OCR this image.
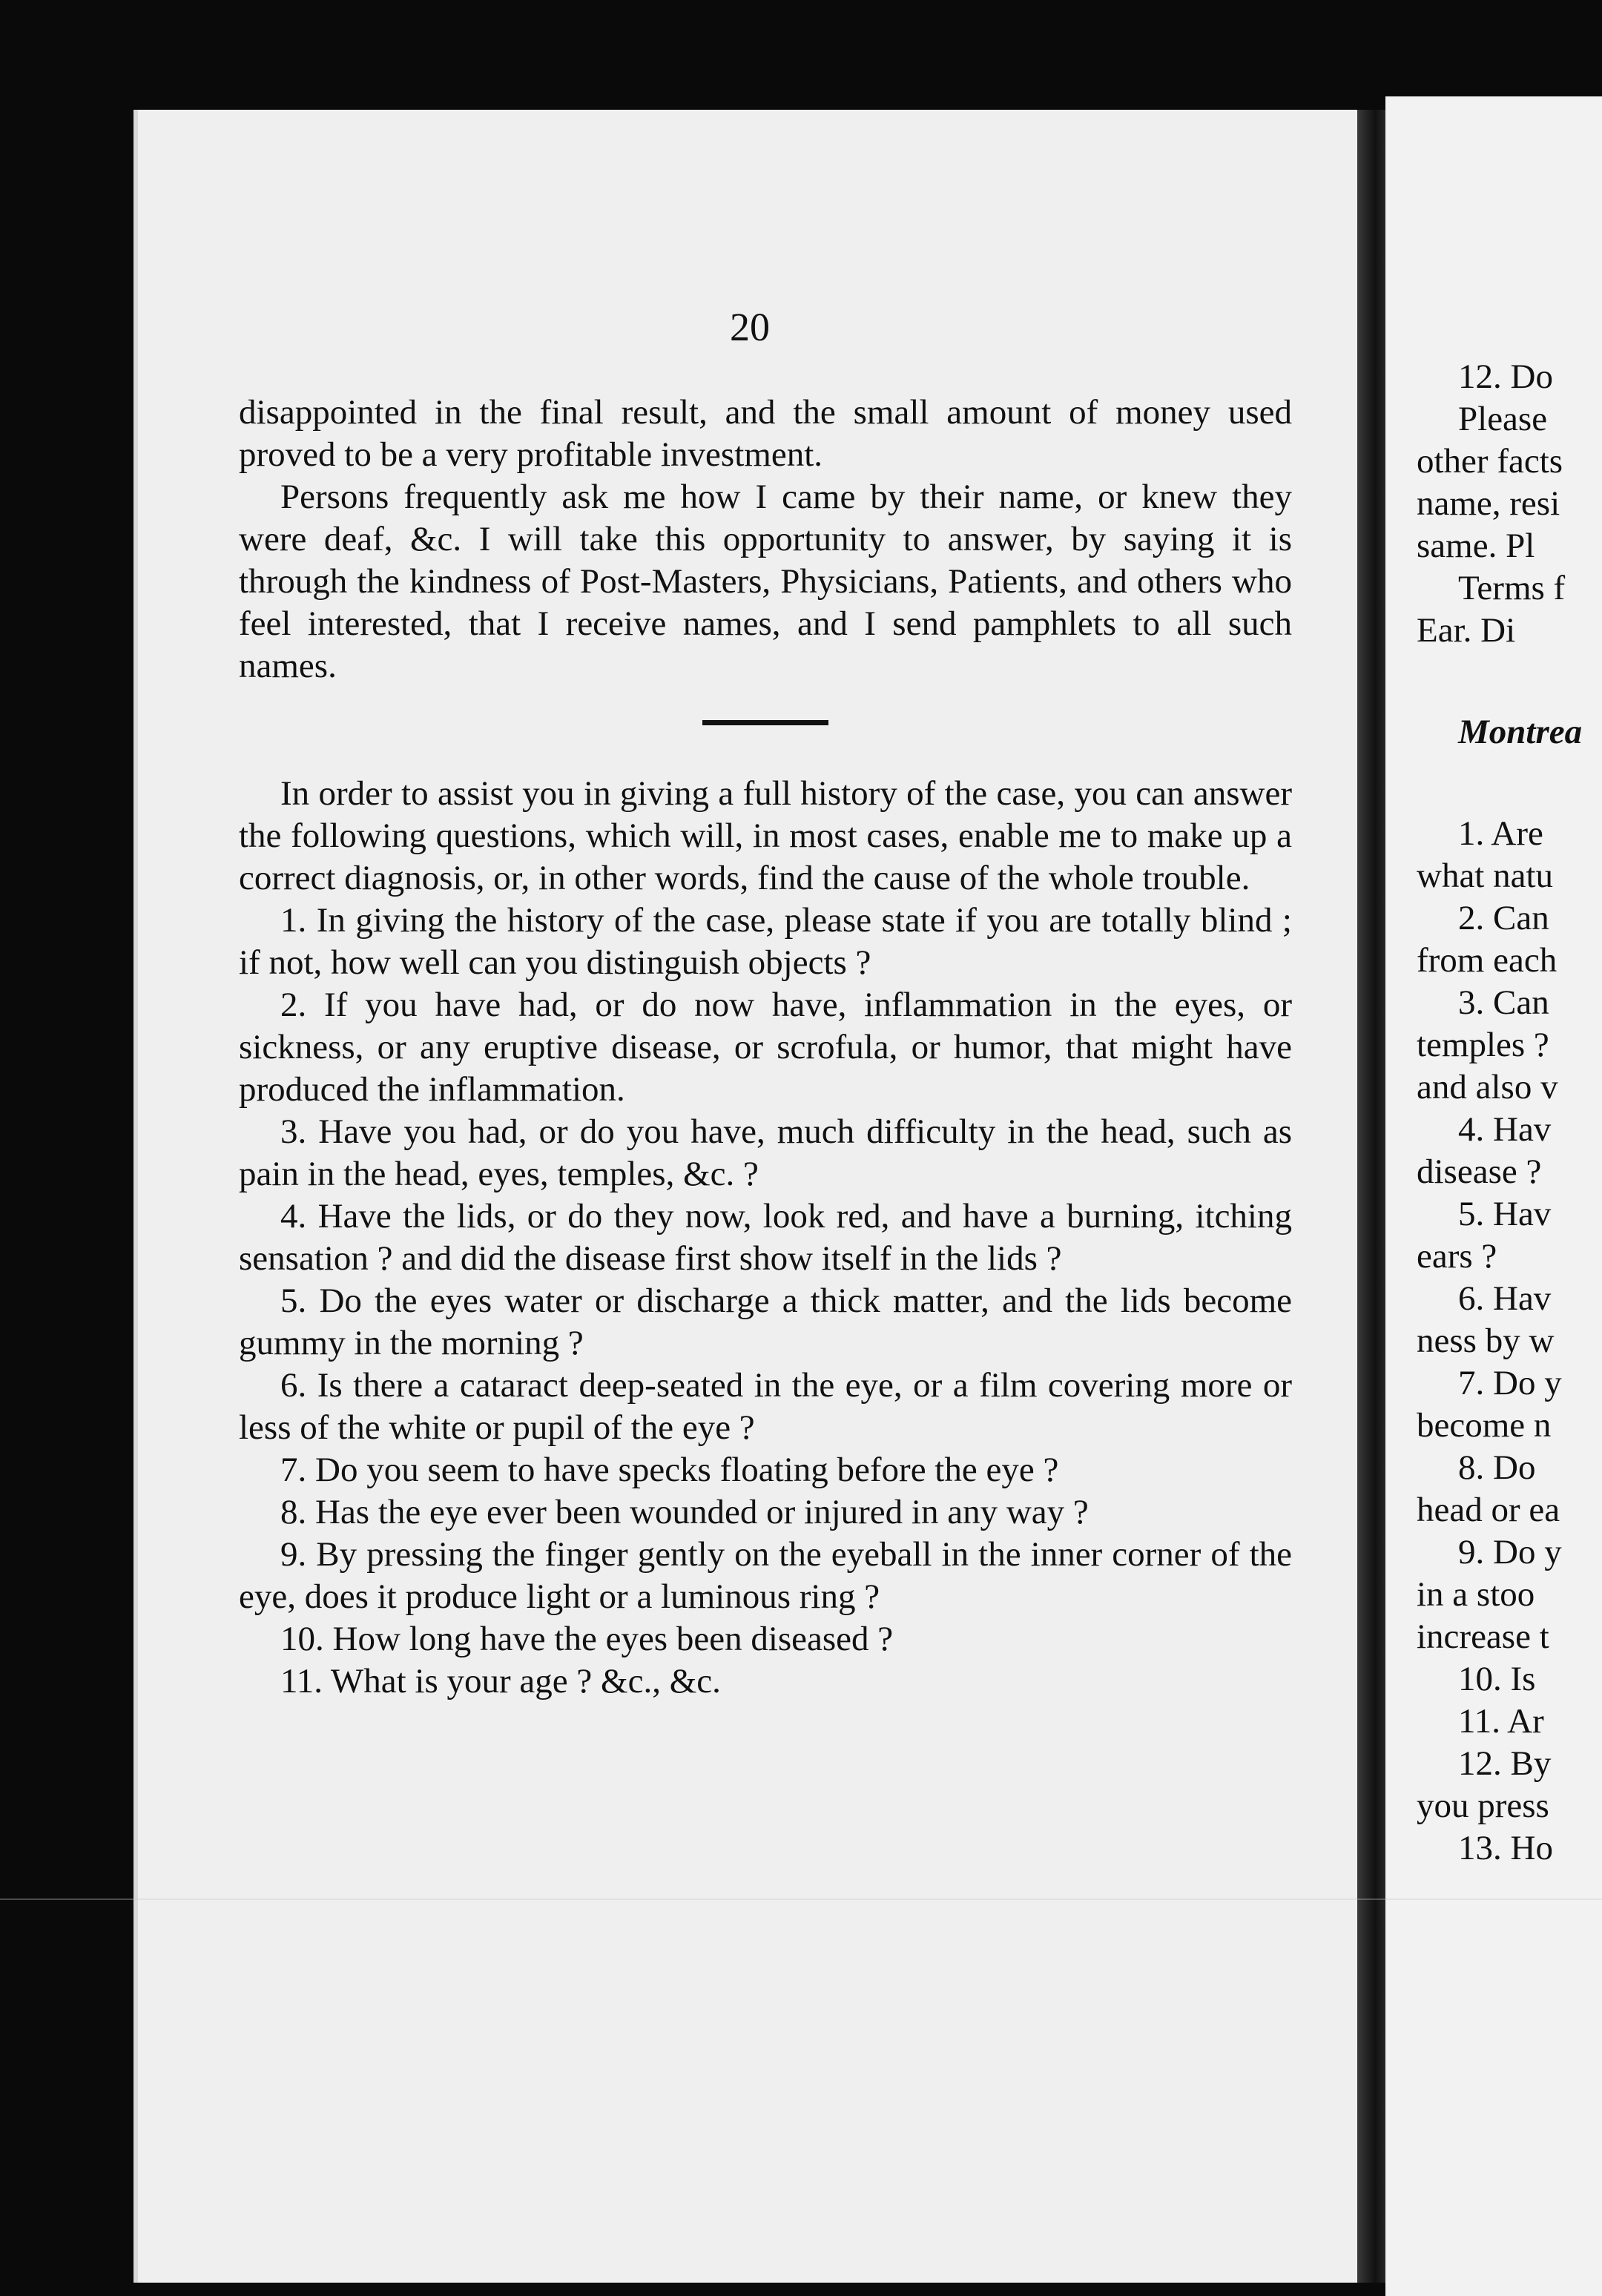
20

disappointed in the final result, and the small amount of money used proved to be a very profitable investment.

Persons frequently ask me how I came by their name, or knew they were deaf, &c. I will take this opportunity to answer, by saying it is through the kindness of Post-Masters, Physicians, Patients, and others who feel interested, that I receive names, and I send pamphlets to all such names.

In order to assist you in giving a full history of the case, you can answer the following questions, which will, in most cases, enable me to make up a correct diagnosis, or, in other words, find the cause of the whole trouble.

1. In giving the history of the case, please state if you are totally blind ; if not, how well can you distinguish objects ?

2. If you have had, or do now have, inflammation in the eyes, or sickness, or any eruptive disease, or scrofula, or humor, that might have produced the inflammation.

3. Have you had, or do you have, much difficulty in the head, such as pain in the head, eyes, temples, &c. ?

4. Have the lids, or do they now, look red, and have a burning, itching sensation ? and did the disease first show itself in the lids ?

5. Do the eyes water or discharge a thick matter, and the lids become gummy in the morning ?

6. Is there a cataract deep-seated in the eye, or a film covering more or less of the white or pupil of the eye ?

7. Do you seem to have specks floating before the eye ?

8. Has the eye ever been wounded or injured in any way ?

9. By pressing the finger gently on the eyeball in the inner corner of the eye, does it produce light or a luminous ring ?

10. How long have the eyes been diseased ?

11. What is your age ? &c., &c.

12. Do
Please
other facts
name, resi
same. Pl
Terms f
Ear. Di
Montrea
1. Are
what natu
2. Can
from each
3. Can
temples ?
and also v
4. Hav
disease ?
5. Hav
ears ?
6. Hav
ness by w
7. Do y
become n
8. Do
head or ea
9. Do y
in a stoo
increase t
10. Is
11. Ar
12. By
you press
13. Ho
